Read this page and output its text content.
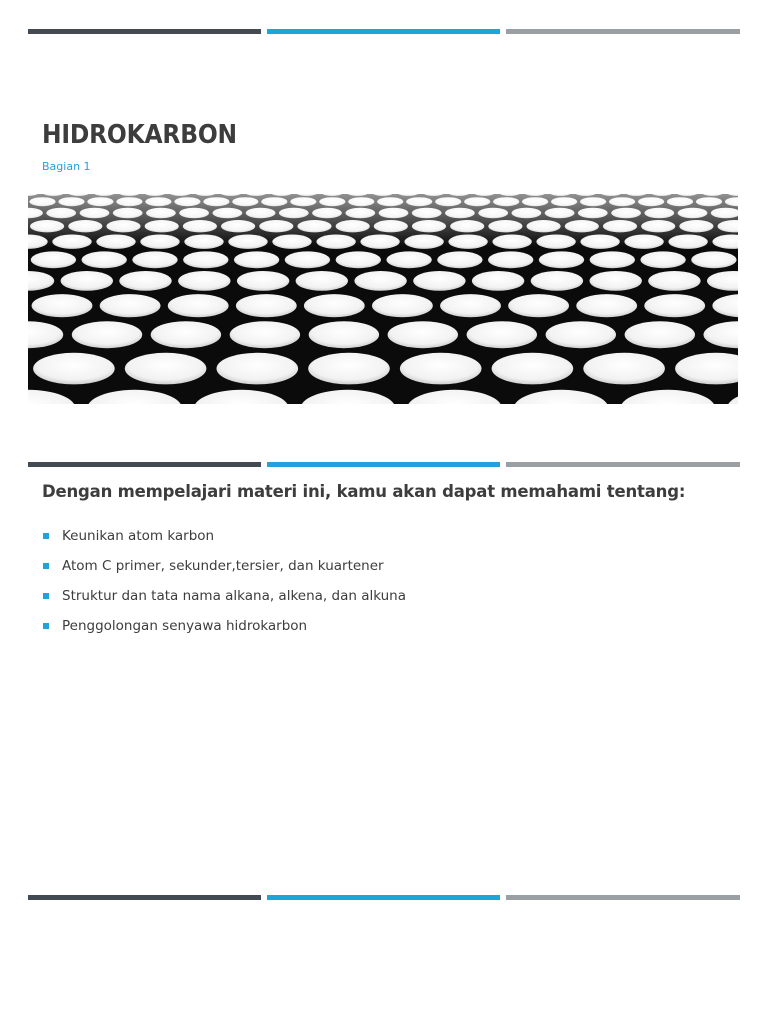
HIDROKARBON
Bagian 1

Dengan mempelajari materi ini, kamu akan dapat memahami tentang:

Keunikan atom karbon
Atom C primer, sekunder,tersier, dan kuartener
Struktur dan tata nama alkana, alkena, dan alkuna
Penggolongan senyawa hidrokarbon
